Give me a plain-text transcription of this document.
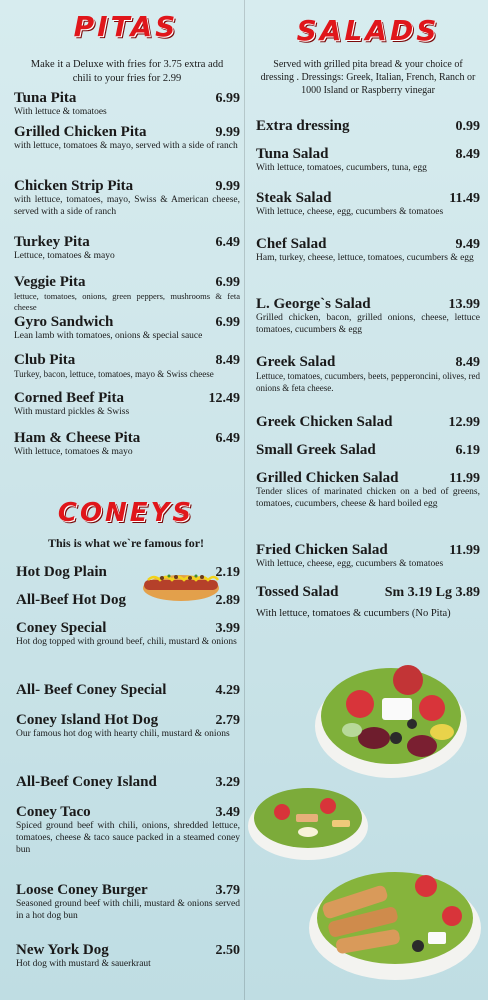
PITAS
Make it a Deluxe with fries for 3.75 extra add chili to your fries for 2.99
Tuna Pita	6.99
With lettuce & tomatoes
Grilled Chicken Pita	9.99
with lettuce, tomatoes & mayo, served with a side of ranch
Chicken Strip Pita	9.99
with lettuce, tomatoes, mayo, Swiss & American cheese, served with a side of ranch
Turkey Pita	6.49
Lettuce, tomatoes & mayo
Veggie Pita	6.99
lettuce, tomatoes, onions, green peppers, mushrooms & feta cheese
Gyro Sandwich	6.99
Lean lamb with tomatoes, onions & special sauce
Club Pita	8.49
Turkey, bacon, lettuce, tomatoes, mayo & Swiss cheese
Corned Beef Pita	12.49
With mustard pickles & Swiss
Ham & Cheese Pita	6.49
With lettuce, tomatoes & mayo
CONEYS
This is what we`re famous for!
Hot Dog Plain	2.19
All-Beef Hot Dog	2.89
Coney Special	3.99
Hot dog topped with ground beef, chili, mustard & onions
All- Beef Coney Special	4.29
Coney Island Hot Dog	2.79
Our famous hot dog with hearty chili, mustard & onions
All-Beef Coney Island	3.29
Coney Taco	3.49
Spiced ground beef with chili, onions, shredded lettuce, tomatoes, cheese & taco sauce packed in a steamed coney bun
Loose Coney Burger	3.79
Seasoned ground beef with chili, mustard & onions served in a hot dog bun
New York Dog	2.50
Hot dog with mustard & sauerkraut
SALADS
Served with grilled pita bread & your choice of dressing . Dressings: Greek, Italian, French, Ranch or 1000 Island or Raspberry vinegar
Extra dressing	0.99
Tuna Salad	8.49
With lettuce, tomatoes, cucumbers, tuna, egg
Steak Salad	11.49
With lettuce, cheese, egg, cucumbers & tomatoes
Chef Salad	9.49
Ham, turkey, cheese, lettuce, tomatoes, cucumbers & egg
L. George`s Salad	13.99
Grilled chicken, bacon, grilled onions, cheese, lettuce tomatoes, cucumbers & egg
Greek Salad	8.49
Lettuce, tomatoes, cucumbers, beets, pepperoncini, olives, red onions & feta cheese.
Greek Chicken Salad	12.99
Small Greek Salad	6.19
Grilled Chicken Salad	11.99
Tender slices of marinated chicken on a bed of greens, tomatoes, cucumbers, cheese & hard boiled egg
Fried Chicken Salad	11.99
With lettuce, cheese, egg, cucumbers & tomatoes
Tossed Salad	Sm 3.19 Lg 3.89
With lettuce, tomatoes & cucumbers (No Pita)
